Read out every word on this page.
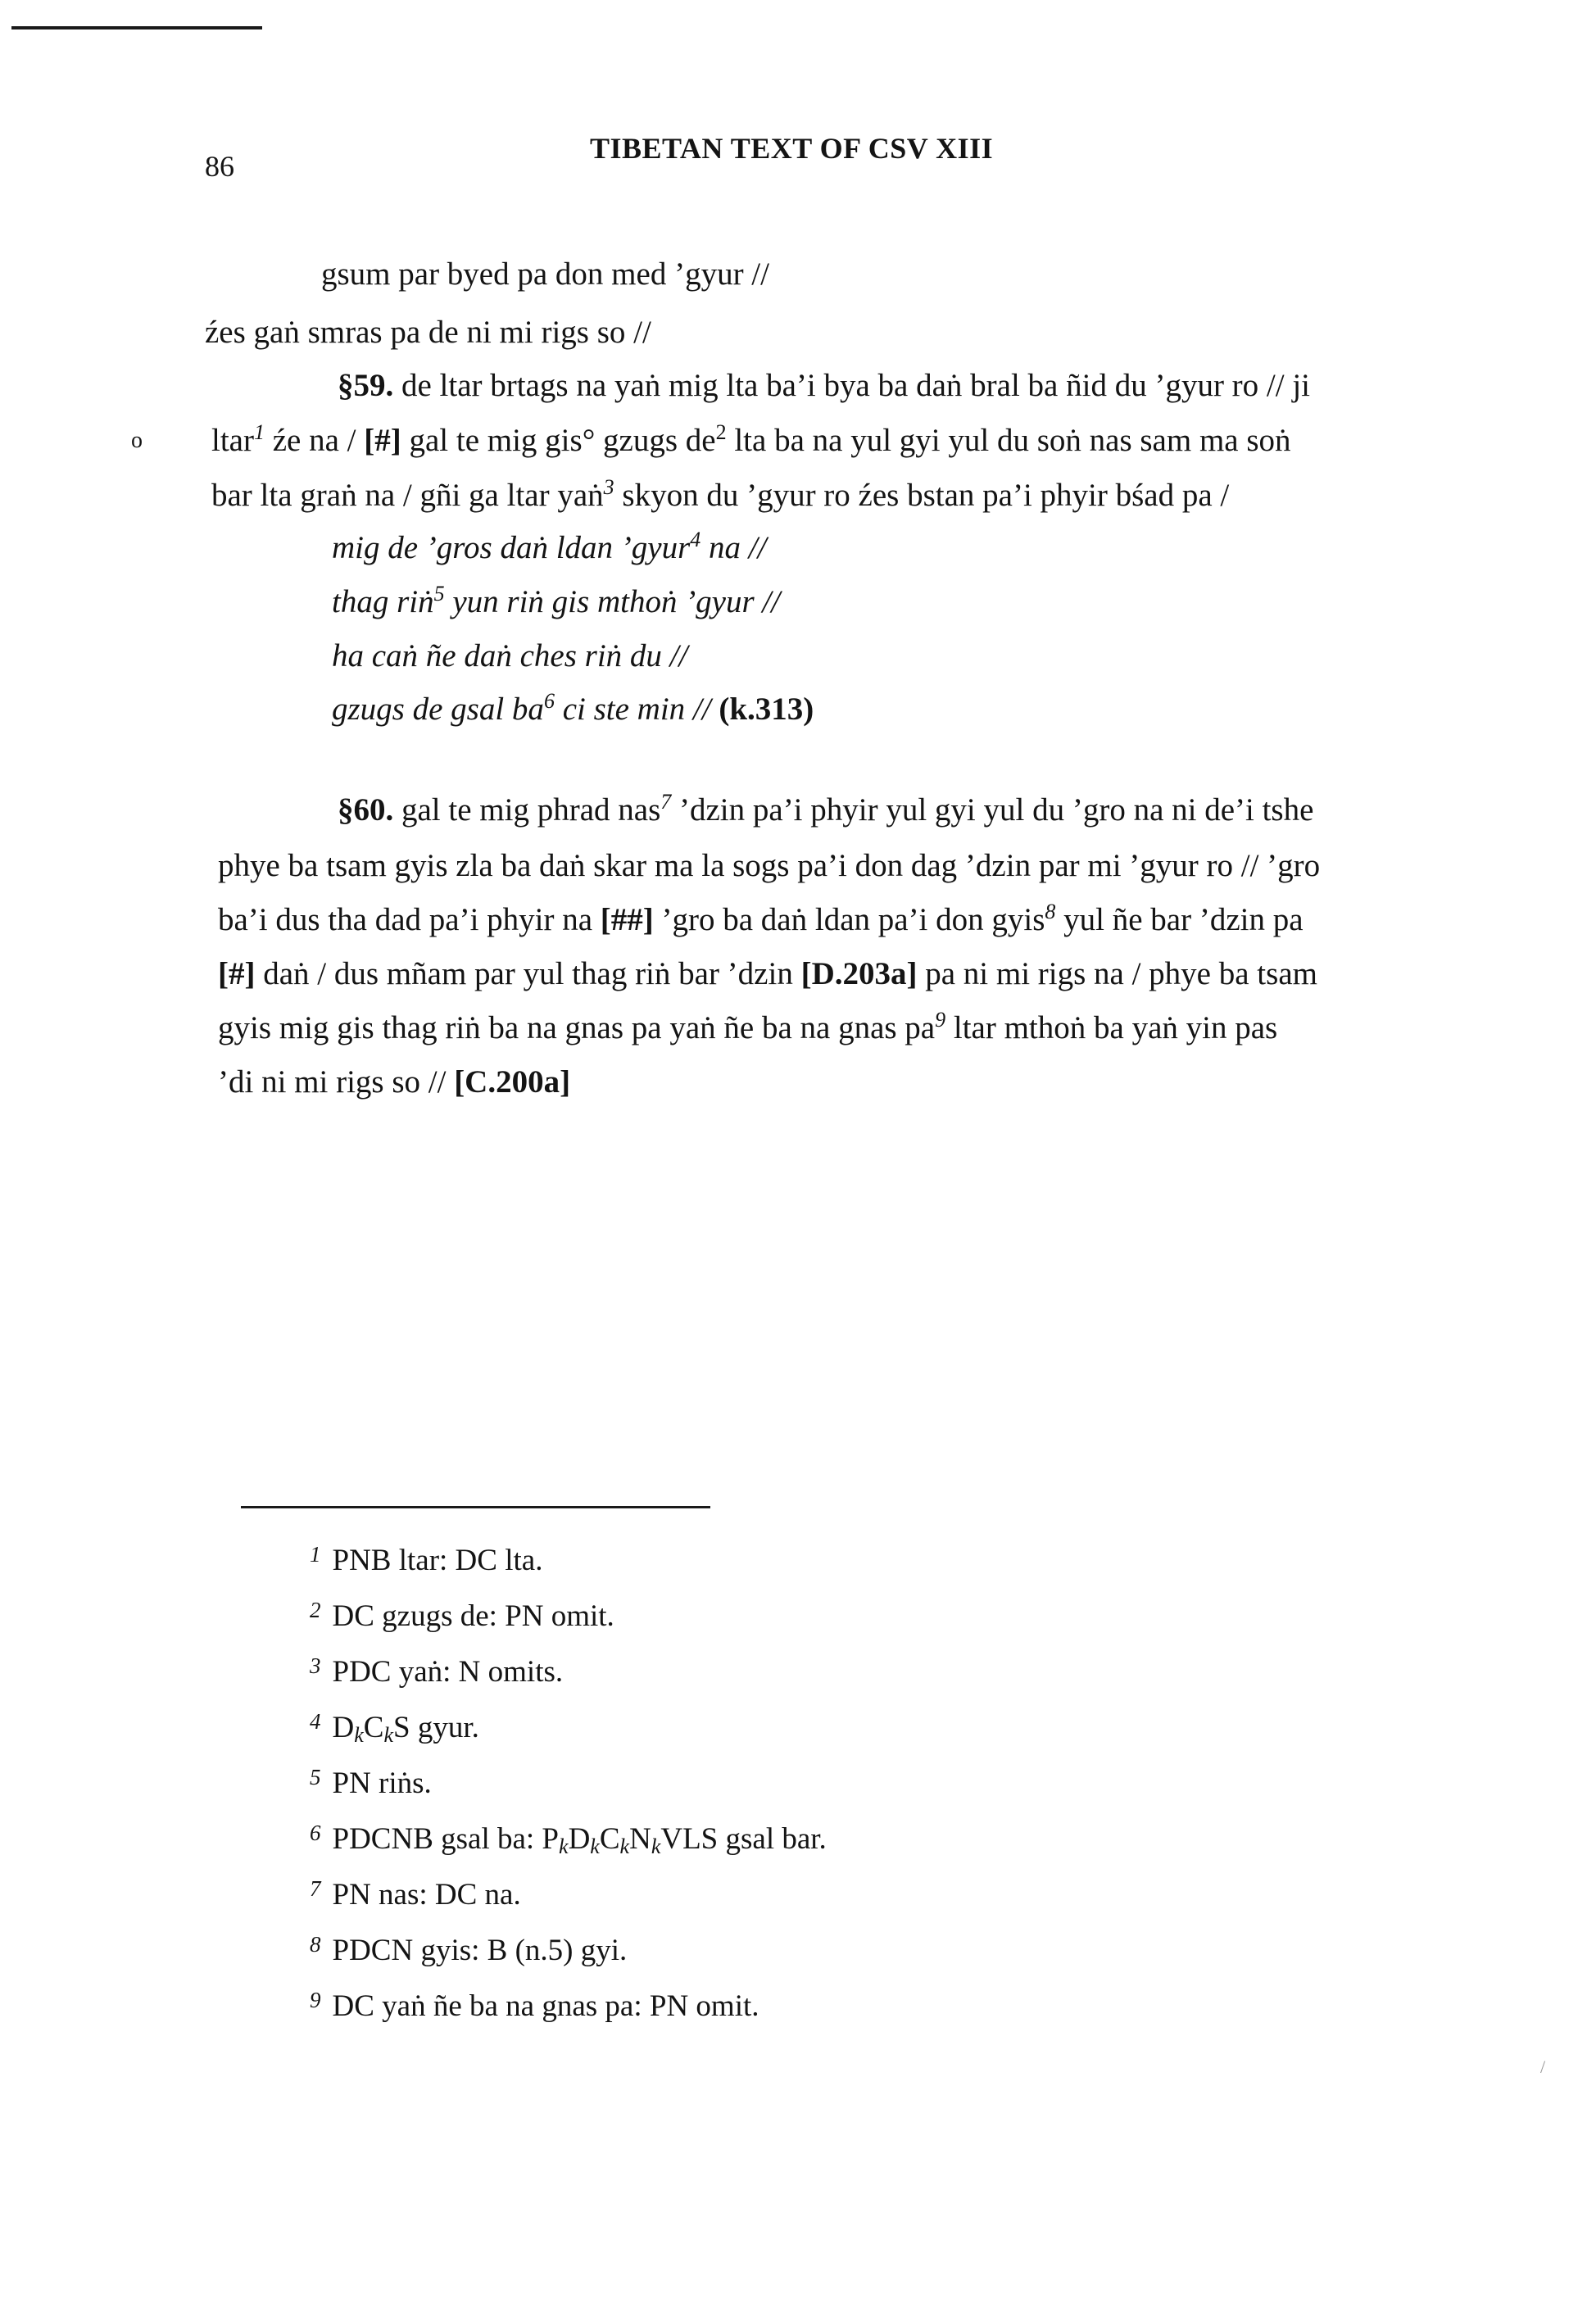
86
TIBETAN TEXT OF CSV XIII
gsum par byed pa don med ’gyur //
źes gaṅ smras pa de ni mi rigs so //
§59. de ltar brtags na yaṅ mig lta ba’i bya ba daṅ bral ba ñid du ’gyur ro // ji
o ltar$^1$ źe na / [#] gal te mig gis° gzugs $de^2$ lta ba na yul gyi yul du soṅ nas sam ma soṅ
bar lta graṅ na / gñi ga ltar yaṅ$^3$ skyon du ’gyur ro źes bstan pa’i phyir bśad pa /
mig de ’gros daṅ ldan ’gyur$^4$ na //
thag riṅ$^5$ yun riṅ gis mthoṅ ’gyur //
ha caṅ ñe daṅ ches riṅ du //
gzugs de gsal $ba^6$ ci ste min // (k.313)
§60. gal te mig phrad nas$^7$ ’dzin pa’i phyir yul gyi yul du ’gro na ni de’i tshe
phye ba tsam gyis zla ba daṅ skar ma la sogs pa’i don dag ’dzin par mi ’gyur ro // ’gro
ba’i dus tha dad pa’i phyir na [##] ’gro ba daṅ ldan pa’i don gyis$^8$ yul ñe bar ’dzin pa
[#] daṅ / dus mñam par yul thag riṅ bar ’dzin [D.203a] pa ni mi rigs na / phye ba tsam
gyis mig gis thag riṅ ba na gnas pa yaṅ ñe ba na gnas $pa^9$ ltar mthoṅ ba yaṅ yin pas
’di ni mi rigs so // [C.200a]
$^1$ PNB ltar: DC lta.
$^2$ DC gzugs de: PN omit.
$^3$ PDC yaṅ: N omits.
$^4$ $D_kC_kS$ gyur.
$^5$ PN riṅs.
$^6$ PDCNB gsal ba: $P_kD_kC_kN_kVLS$ gsal bar.
$^7$ PN nas: DC na.
$^8$ PDCN gyis: B (n.5) gyi.
$^9$ DC yaṅ ñe ba na gnas pa: PN omit.
/
